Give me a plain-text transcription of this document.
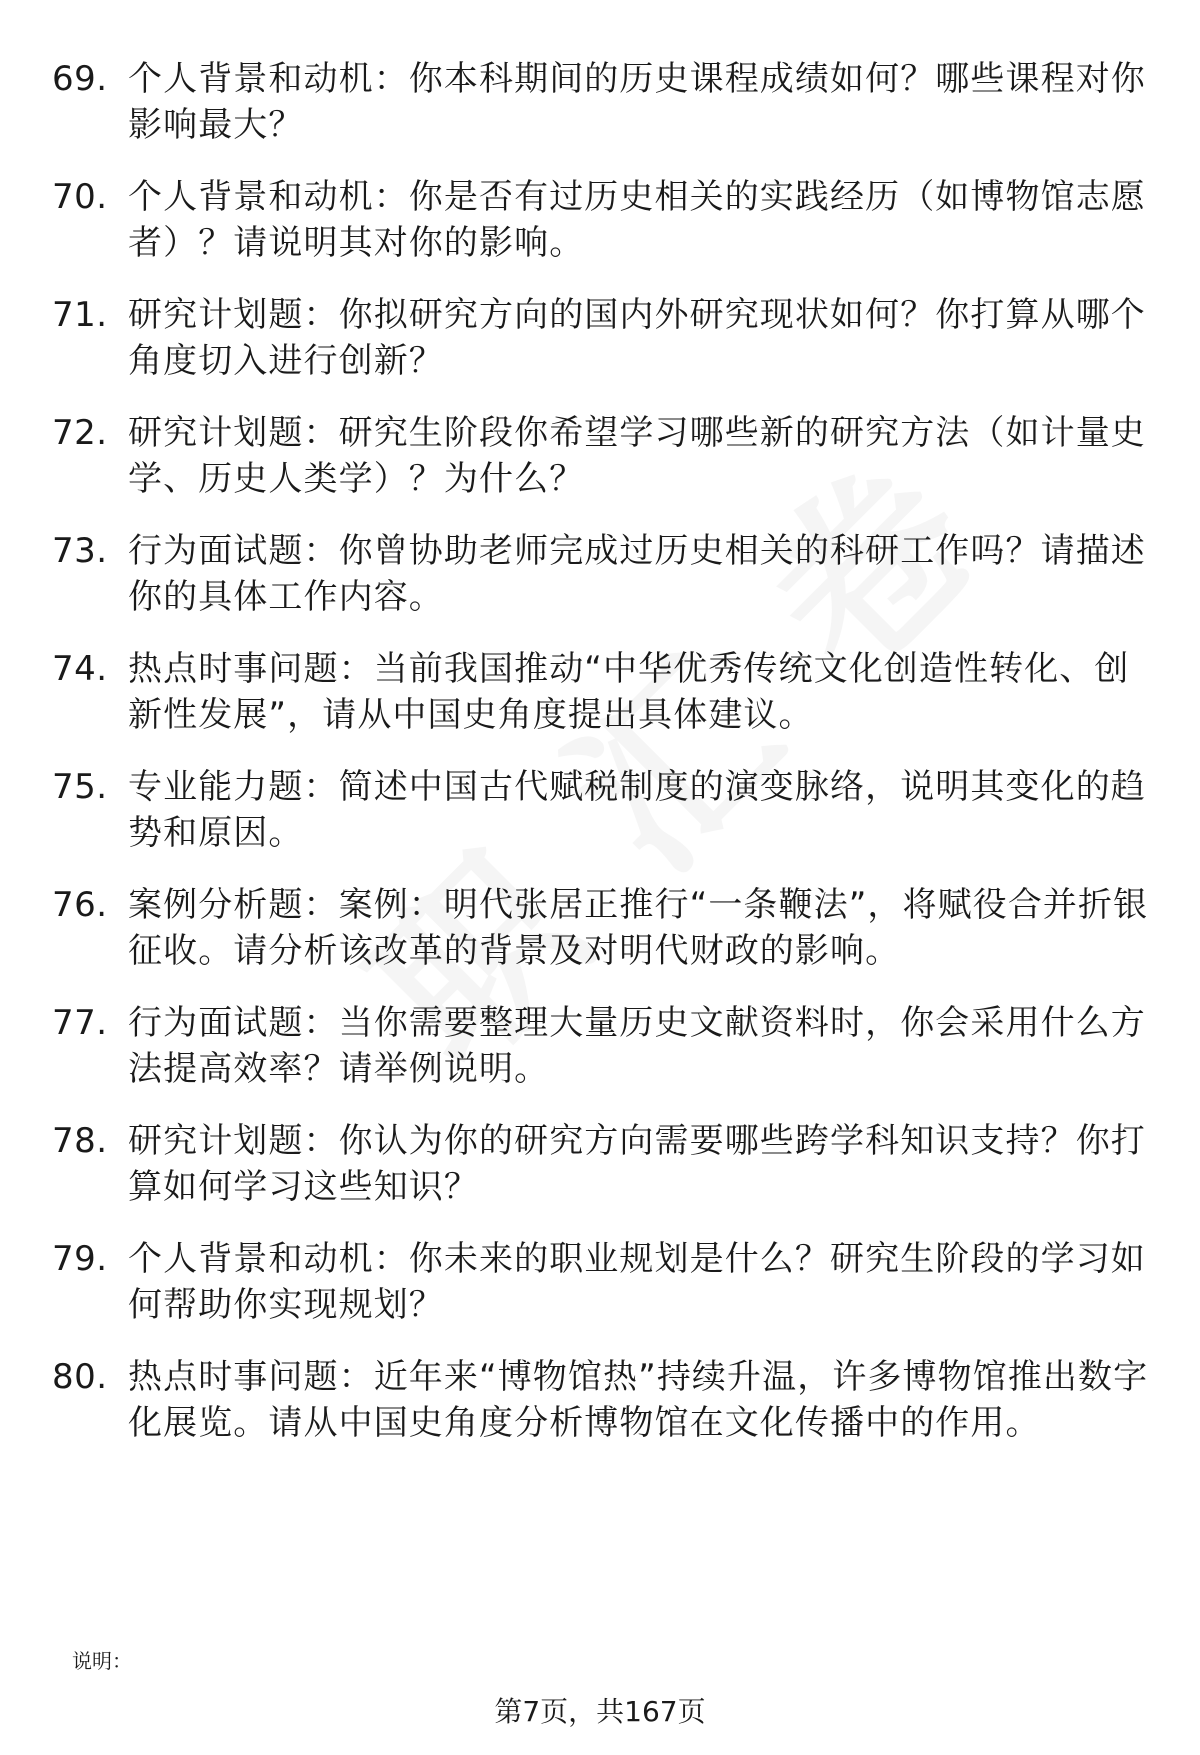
69. 个人背景和动机：你本科期间的历史课程成绩如何？哪些课程对你影响最大？
70. 个人背景和动机：你是否有过历史相关的实践经历（如博物馆志愿者）？请说明其对你的影响。
71. 研究计划题：你拟研究方向的国内外研究现状如何？你打算从哪个角度切入进行创新？
72. 研究计划题：研究生阶段你希望学习哪些新的研究方法（如计量史学、历史人类学）？为什么？
73. 行为面试题：你曾协助老师完成过历史相关的科研工作吗？请描述你的具体工作内容。
74. 热点时事问题：当前我国推动“中华优秀传统文化创造性转化、创新性发展”，请从中国史角度提出具体建议。
75. 专业能力题：简述中国古代赋税制度的演变脉络，说明其变化的趋势和原因。
76. 案例分析题：案例：明代张居正推行“一条鞭法”，将赋役合并折银征收。请分析该改革的背景及对明代财政的影响。
77. 行为面试题：当你需要整理大量历史文献资料时，你会采用什么方法提高效率？请举例说明。
78. 研究计划题：你认为你的研究方向需要哪些跨学科知识支持？你打算如何学习这些知识？
79. 个人背景和动机：你未来的职业规划是什么？研究生阶段的学习如何帮助你实现规划？
80. 热点时事问题：近年来“博物馆热”持续升温，许多博物馆推出数字化展览。请从中国史角度分析博物馆在文化传播中的作用。
说明：
第7页，共167页
